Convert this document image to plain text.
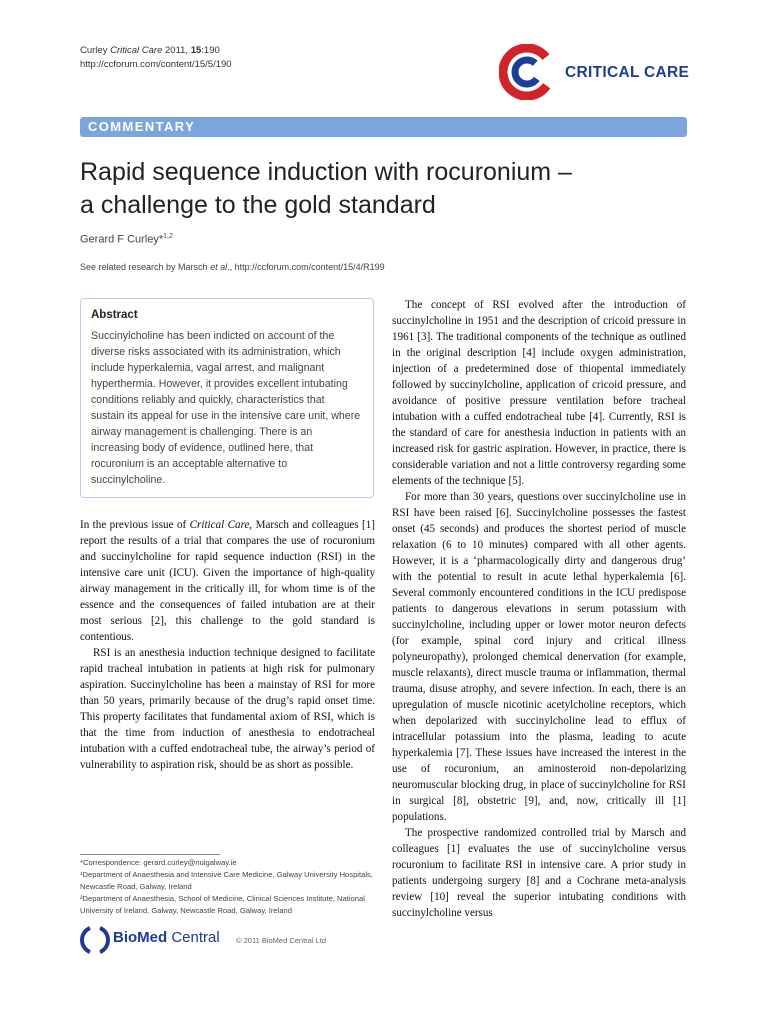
Curley Critical Care 2011, 15:190
http://ccforum.com/content/15/5/190	CRITICAL CARE
COMMENTARY
Rapid sequence induction with rocuronium –
a challenge to the gold standard
Gerard F Curley*$^{1,2}$
See related research by Marsch et al., http://ccforum.com/content/15/4/R199
Abstract
Succinylcholine has been indicted on account of the diverse risks associated with its administration, which include hyperkalemia, vagal arrest, and malignant hyperthermia. However, it provides excellent intubating conditions reliably and quickly, characteristics that sustain its appeal for use in the intensive care unit, where airway management is challenging. There is an increasing body of evidence, outlined here, that rocuronium is an acceptable alternative to succinylcholine.

In the previous issue of Critical Care, Marsch and colleagues [1] report the results of a trial that compares the use of rocuronium and succinylcholine for rapid sequence induction (RSI) in the intensive care unit (ICU). Given the importance of high-quality airway management in the critically ill, for whom time is of the essence and the consequences of failed intubation are at their most serious [2], this challenge to the gold standard is contentious.

RSI is an anesthesia induction technique designed to facilitate rapid tracheal intubation in patients at high risk for pulmonary aspiration. Succinylcholine has been a mainstay of RSI for more than 50 years, primarily because of the drug’s rapid onset time. This property facilitates that fundamental axiom of RSI, which is that the time from induction of anesthesia to endotracheal intubation with a cuffed endotracheal tube, the airway’s period of vulnerability to aspiration risk, should be as short as possible.

The concept of RSI evolved after the introduction of succinylcholine in 1951 and the description of cricoid pressure in 1961 [3]. The traditional components of the technique as outlined in the original description [4] include oxygen administration, injection of a predetermined dose of thiopental immediately followed by succinylcholine, application of cricoid pressure, and avoidance of positive pressure ventilation before tracheal intubation with a cuffed endotracheal tube [4]. Currently, RSI is the standard of care for anesthesia induction in patients with an increased risk for gastric aspiration. However, in practice, there is considerable variation and not a little controversy regarding some elements of the technique [5].

For more than 30 years, questions over succinylcholine use in RSI have been raised [6]. Succinylcholine possesses the fastest onset (45 seconds) and produces the shortest period of muscle relaxation (6 to 10 minutes) compared with all other agents. However, it is a ‘pharmacologically dirty and dangerous drug’ with the potential to result in acute lethal hyperkalemia [6]. Several commonly encountered conditions in the ICU predispose patients to dangerous elevations in serum potassium with succinylcholine, including upper or lower motor neuron defects (for example, spinal cord injury and critical illness polyneuropathy), prolonged chemical denervation (for example, muscle relaxants), direct muscle trauma or inflammation, thermal trauma, disuse atrophy, and severe infection. In each, there is an upregulation of muscle nicotinic acetylcholine receptors, which when depolarized with succinylcholine lead to efflux of intracellular potassium into the plasma, leading to acute hyperkalemia [7]. These issues have increased the interest in the use of rocuronium, an aminosteroid non-depolarizing neuromuscular blocking drug, in place of succinylcholine for RSI in surgical [8], obstetric [9], and, now, critically ill [1] populations.

The prospective randomized controlled trial by Marsch and colleagues [1] evaluates the use of succinylcholine versus rocuronium to facilitate RSI in intensive care. A prior study in patients undergoing surgery [8] and a Cochrane meta-analysis review [10] reveal the superior intubating conditions with succinylcholine versus

*Correspondence: gerard.curley@nuigalway.ie
¹Department of Anaesthesia and Intensive Care Medicine, Galway University Hospitals, Newcastle Road, Galway, Ireland
²Department of Anaesthesia, School of Medicine, Clinical Sciences Institute, National University of Ireland, Galway, Newcastle Road, Galway, Ireland
BioMed Central © 2011 BioMed Central Ltd
